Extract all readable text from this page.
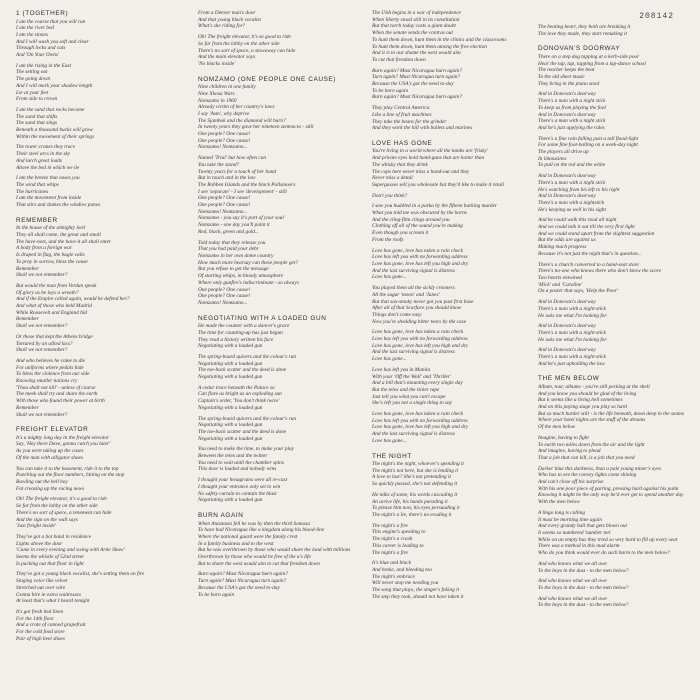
208142
1 (TOGETHER)
I am the course that you will run
I am the river bed
I am the stones
And I will wash you soft and clear
Through locks and cuts
And 'On Your Owns'
I am the rising in the East
The setting out
The going down
And I will mark your shadow length
Lie at your feet
From side to crown
I am the sand that rocks become
The sand that shifts
The sand that sings
Beneath a thousand bucks will grow
Within the movement of their springs
The tower cranes they trace
Their steel arcs in the sky
And lurch great loads
Above the bed in which we lie
I am the breeze that eases you
The wind that whips
The hurricanes
I am the movement from inside
That stirs and shakes the window panes
REMEMBER
In the house of the almighty lord
They all shall come, the great and small
The have-nots, and the have-it all shall enter
A body from a foreign war
Is draped in flag, the bugle calls
To pray in sorrow, bless the cause
Remember
Shall we not remember?
But would the man from Verdun speak
Of glory as he lays a wreath?
And if the Empire called again, would he defend her?
And what of those who held Madrid
While Roosevelt and England hid
Remember
Shall we not remember?
Or those that kept the Athens bridge
Tortured by an allied kiss?
Shall we not remember?
And who believes he came to die
For uniforms where pedals hide
To bless the violence from our side
Knowing smaller nations cry
'Thou shalt not kill' - unless of course
The meek shall try and share the earth
With those who found their power at birth
Remember
Shall we not remember?
FREIGHT ELEVATOR
It's a mighty long day in the freight elevator
Say, 'Hey there Dave, gonna catch you later'
As you were taking up the cases
Of the man with alligator shoes
You can take it to the basement, ride it to the top
Punching out the floor numbers, hitting on the stop
Bawling out the bell boy
Fat creasing up the racing news
Oh! The freight elevator, it's a good to ride
So far from the lobby on the other side
There's no sort of space, a tenement can hide
And the sign on the wall says
'Just freight inside'
They've got a hot band in residence
Lights above the door
'Came in every evening and swing with Artie Shaw'
Seems the whistle of 52nd street
Is packing out that floor in light
They've got a young black vocalist, she's setting them on fire
Singing voice like velvet
Stretched out over wire
Gonna hire in extra waitresses
At least that's what I heard tonight
It's got fresh bed linen
For the 14th floor
And a crate of canned grapefruit
For the cold food store
Pair of high heel shoes
From a Denver man's door
And that young black vocalist
What's she riding for?
Oh! The freight elevator, it's so good to ride
So far from the lobby on the other side
There's no sort of space, a stowaway can hide
And the main elevator says
'No blacks inside'
NOMZAMO (ONE PEOPLE ONE CAUSE)
Nine children in one family
Nine Xhosa Wars
Nomzamo in 1960
Already victim of her country's laws
I say 'Asm', why deprive
The Sjambok and the diamond will burn?
In twenty years they gave her nineteen sentences - still
One people? One cause!
One people? One cause!
Nomzamo! Nomzamo...
Named 'Trial' but how often can
You take the stand?
Twenty years for a touch of her hand
But in touch and in the law
The Robben Islands and the black Pollsmoors
I see 'separate' - I see 'development' - still
One people? One cause!
One people? One cause!
Nomzamo! Nomzamo...
Nomzamo - you say it's part of your soul
Nomzamo - one day you'll paint it
Red, black, green and gold...
Told today that they release you
That you had paid your debt
Nomzamo in her own dome country
How much more hearsay can these people get?
But you refuse to get the message
Of starting whips, in bloody atmosphere
Where only gunfire's indiscriminate - so always
One people? One cause!
One people? One cause!
Nomzamo! Nomzamo...
NEGOTIATING WITH A LOADED GUN
He made the counter with a dancer's grace
The time for counting-up has just begun
They read a history written his face
Negotiating with a loaded gun
The spring-board quivers and the colour's run
Negotiating with a loaded gun
The toe-back scatter and the deed is done
Negotiating with a loaded gun
A cedar trace beneath the Palace so
Can flare as bright as an exploding sun
Captain's order, 'You don't think twice'
Negotiating with a loaded gun
The spring-board quivers and the colour's run
Negotiating with a loaded gun
The toe-back scatter and the deed is done
Negotiating with a loaded gun
You need to make the time, to make your play
Between the telex and the twitter
You need to wait until the chamber spins
This door is loaded and nobody wins
I thought your hexagrams were all re-cast
I thought your entrance only set to win
No safety curtain to contain the blast
Negotiating with a loaded gun
BURN AGAIN
When Anastasio fell he was by then the third Somoza
To have had Nicaragua like a kingdom along his blood-line
Where the national guard were the family crest
In a family business and to the west
But he was overthrown by those who would share the land with millions
Overthrown by those who would be free of the u's life
But to share the west would aim to cut that freedom down
Burn again? Must Nicaragua burn again?
Turn again? Must Nicaragua turn again?
Because the USA's got the need to-day
To be born again
The USA begins in a war of independence
When liberty stood still in its constitution
But that torch today casts a giant doubt
When the senate sends the contras out
To hunt them down, hunt them in the clinics and the classrooms
To hunt them down, hunt them among the free election
And it is to our shame the west would aim
To cut that freedom down
Burn again? Must Nicaragua burn again?
Turn again? Must Nicaragua turn again?
Because the USA's got the need to-day
To be born again
Burn again? Must Nicaragua burn again?
They play Central America
Like a line of fruit machines
They take the beans for the grinder
And they work the hill with bullets and marines
LOVE HAS GONE
You're living in a world where all the lambs are 'frisky'
And private eyes hold hand-guns that are hotter than
The whisky that they drink
The cops here never miss a hand-out and they
Never miss a detail
Supergasses sell you wholesale but they'd like to make it retail
Don't you think?
I saw you huddled in a parka by the fifteen barking murder
What you told me was obscured by the horns
And the cling-film clings around you
Clothing off all of the sound you're making
Even though you scream it
From the roofs
Love has gone, love has taken a rain check
Love has left you with no forwarding address
Love has gone, love has left you high and dry
And the last surviving signal is distress
Love has gone...
You played them all the sickly crooners
All the sugar 'moon' and 'Junes'
But that sax-smoky never got you past first base
After all of that Scarface you should know
Things don't come easy
Now you're shedding bitter tears by the case
Love has gone, love has taken a rain check
Love has left you with no forwarding address
Love has gone, love has left you high and dry
And the last surviving signal is distress
Love has gone...
Love has left you in Manila
With your 'Off the Wall' and 'Thriller'
And a bill that's mounting every single day
But the telex and the ticker tape
Just tell you what you can't escape
She's left you not a single thing to say
Love has gone, love has taken a rain check
Love has left you with no forwarding address
Love has gone, love has left you high and dry
And the last surviving signal is distress
Love has gone...
THE NIGHT
The night's the night, whoever's spending it
The night's not here, but she is lending it
A love to last? She's not pretending it
So quickly passed, she's not defending it
He talks of some, his words cascading it
An active life, his hands parading it
To please him now, his eyes persuading it
The night's a lie, there's no evading it
The night's a fire
This engine's speeding to
The night's a crash
This career is leading to
The night's a fire
It's blue and black
And broke, and bleeding too
The night's embrace
Will never stop me needing you
The song that plays, the singer's faking it
The step they took, should not have taken it
The beating heart, they both are breaking it
The love they made, they start remaking it
DONOVAN'S DOORWAY
There on a step dog tapping at a kerb-side pool
Hear the tap, tap, tapping from a tap-dance school
The teacher keeps the beat
To the old sheet music
They bring in the piano stool
And in Donovan's doorway
There's a man with a night stick
To keep us from playing the fool
And in Donovan's doorway
There's a man with a night stick
And he's just applying the rules
There's a fine rain falling past a tall flood-light
For some fine foot-balling on a week-day night
The players all drive up
In limousines
To pull on the red and the white
And in Donovan's doorway
There's a man with a night stick
He's watching from his left to his right
And in Donovan's doorway
There's a man with a nightstick
He's keeping us well in his sight
And he could walk this road all night
And we could talk it out till the very first light
And we could stand apart from the slightest suggestion
But the odds are against us
Making much progress
Because it's not just the night that's in question...
There's a church converted to a hand-seat store
There's no-one who knows there who don't know the score
Two hearts entwined
'Mick' and 'Caroline'
On a poster that says, 'Help the Poor'
And in Donovan's doorway
There's a man with a night-stick
He asks me what I'm looking for
And in Donovan's doorway
There's a man with a night-stick
He asks me what I'm looking for
And in Donovan's doorway
There's a man with a night-stick
And he's just upholding the law
THE MEN BELOW
Album, tour, albums - you're still pecking at the shell
And you know you should be glad of the living
But it seems like a living hell sometimes
And on this paying stage you play so hard
But so much harder still - is the life beneath, down deep in the seams
Where your hotel nights are the stuff of the dreams
Of the men below
Imagine, having to fight
To earth two miles down from the air and the light
And imagine, having to plead
That a job that can kill, is a job that you need
Darker blue this darkness, than a pale young miner's eyes
Who has to see the convey lights come shining
And can't close off his surprise
With his one poor piece of parting, pressing hard against his palm
Knowing it might be the only way he'd ever get to spend another day
With the men below
A lingo long is calling
It must be morning time again
And every grandy hall that gets blown out
It seems so numbered 'number ten'
While on an empty bus they tried so very hard to fill up every seat
There was a method in this mad alarm
Who do you think would ever do such harm to the men below?
And who knows what we all owe
To the boys in the dust - to the men below?
And who knows what we all owe
To the boys in the dust - to the men below?
And who knows what we all owe
To the boys in the dust - to the men below?
